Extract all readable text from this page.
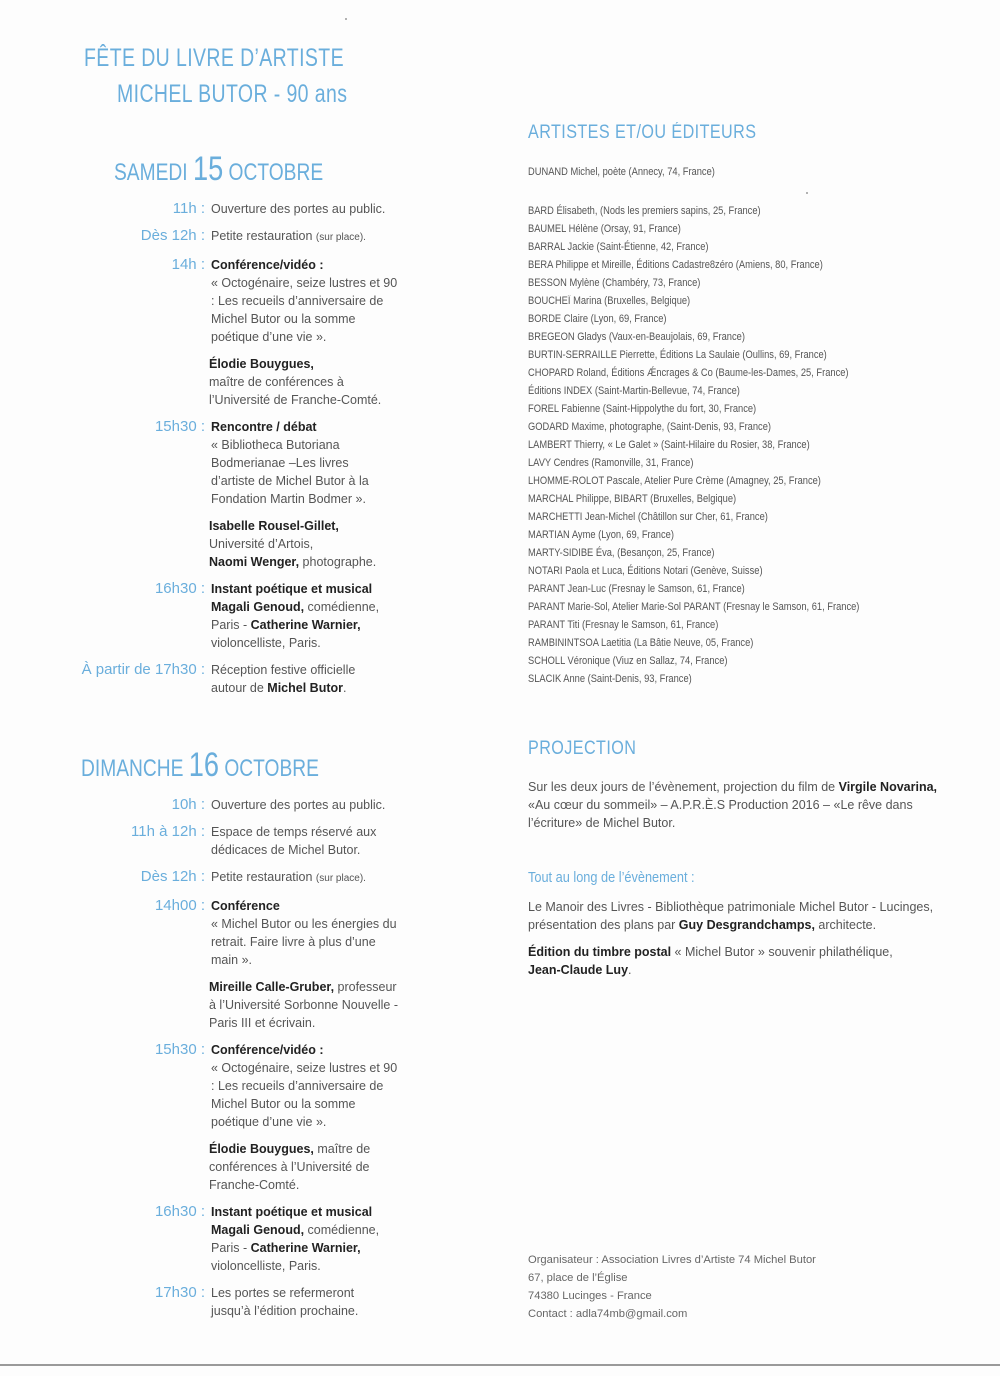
FÊTE DU LIVRE D’ARTISTE
MICHEL BUTOR - 90 ans
SAMEDI 15 OCTOBRE
11h : Ouverture des portes au public.
Dès 12h : Petite restauration (sur place).
14h : Conférence/vidéo :

« Octogénaire, seize lustres et 90 : Les recueils d’anniversaire de Michel Butor ou la somme poétique d’une vie ».
Élodie Bouygues,
maître de conférences à l’Université de Franche-Comté.
15h30 : Rencontre / débat

« Bibliotheca Butoriana Bodmerianae –Les livres d’artiste de Michel Butor à la Fondation Martin Bodmer ».
Isabelle Rousel-Gillet,
Université d’Artois,
Naomi Wenger, photographe.
16h30 : Instant poétique et musical
Magali Genoud, comédienne, Paris - Catherine Warnier, violoncelliste, Paris.
À partir de 17h30 : Réception festive officielle autour de Michel Butor.
DIMANCHE 16 OCTOBRE
10h : Ouverture des portes au public.
11h à 12h : Espace de temps réservé aux dédicaces de Michel Butor.
Dès 12h : Petite restauration (sur place).
14h00 : Conférence

« Michel Butor ou les énergies du retrait. Faire livre à plus d’une main ».
Mireille Calle-Gruber, professeur à l’Université Sorbonne Nouvelle - Paris III et écrivain.
15h30 : Conférence/vidéo :

« Octogénaire, seize lustres et 90 : Les recueils d’anniversaire de Michel Butor ou la somme poétique d’une vie ».
Élodie Bouygues, maître de conférences à l’Université de Franche-Comté.
16h30 : Instant poétique et musical
Magali Genoud, comédienne, Paris - Catherine Warnier, violoncelliste, Paris.
17h30 : Les portes se refermeront jusqu’à l’édition prochaine.
ARTISTES ET/OU ÉDITEURS
DUNAND Michel, poète (Annecy, 74, France)
BARD Élisabeth, (Nods les premiers sapins, 25, France)
BAUMEL Hélène (Orsay, 91, France)
BARRAL Jackie (Saint-Étienne, 42, France)
BERA Philippe et Mireille, Éditions Cadastre8zéro (Amiens, 80, France)
BESSON Mylène (Chambéry, 73, France)
BOUCHEÏ Marina (Bruxelles, Belgique)
BORDE Claire (Lyon, 69, France)
BREGEON Gladys (Vaux-en-Beaujolais, 69, France)
BURTIN-SERRAILLE Pierrette, Éditions La Saulaie (Oullins, 69, France)
CHOPARD Roland, Éditions Ǽncrages & Co (Baume-les-Dames, 25, France)
Éditions INDEX (Saint-Martin-Bellevue, 74, France)
FOREL Fabienne (Saint-Hippolythe du fort, 30, France)
GODARD Maxime, photographe, (Saint-Denis, 93, France)
LAMBERT Thierry, « Le Galet » (Saint-Hilaire du Rosier, 38, France)
LAVY Cendres (Ramonville, 31, France)
LHOMME-ROLOT Pascale, Atelier Pure Crème (Amagney, 25, France)
MARCHAL Philippe, BIBART (Bruxelles, Belgique)
MARCHETTI Jean-Michel (Châtillon sur Cher, 61, France)
MARTIAN Ayme (Lyon, 69, France)
MARTY-SIDIBE Éva, (Besançon, 25, France)
NOTARI Paola et Luca, Éditions Notari (Genève, Suisse)
PARANT Jean-Luc (Fresnay le Samson, 61, France)
PARANT Marie-Sol, Atelier Marie-Sol PARANT (Fresnay le Samson, 61, France)
PARANT Titi (Fresnay le Samson, 61, France)
RAMBININTSOA Laetitia (La Bâtie Neuve, 05, France)
SCHOLL Véronique (Viuz en Sallaz, 74, France)
SLACIK Anne (Saint-Denis, 93, France)
PROJECTION
Sur les deux jours de l’évènement, projection du film de Virgile Novarina, «Au cœur du sommeil» – A.P.R.È.S Production 2016 – «Le rêve dans l’écriture» de Michel Butor.
Tout au long de l’évènement :
Le Manoir des Livres - Bibliothèque patrimoniale Michel Butor - Lucinges, présentation des plans par Guy Desgrandchamps, architecte.
Édition du timbre postal « Michel Butor » souvenir philathélique,
Jean-Claude Luy.
Organisateur : Association Livres d’Artiste 74 Michel Butor
67, place de l’Église
74380 Lucinges - France
Contact : adla74mb@gmail.com
